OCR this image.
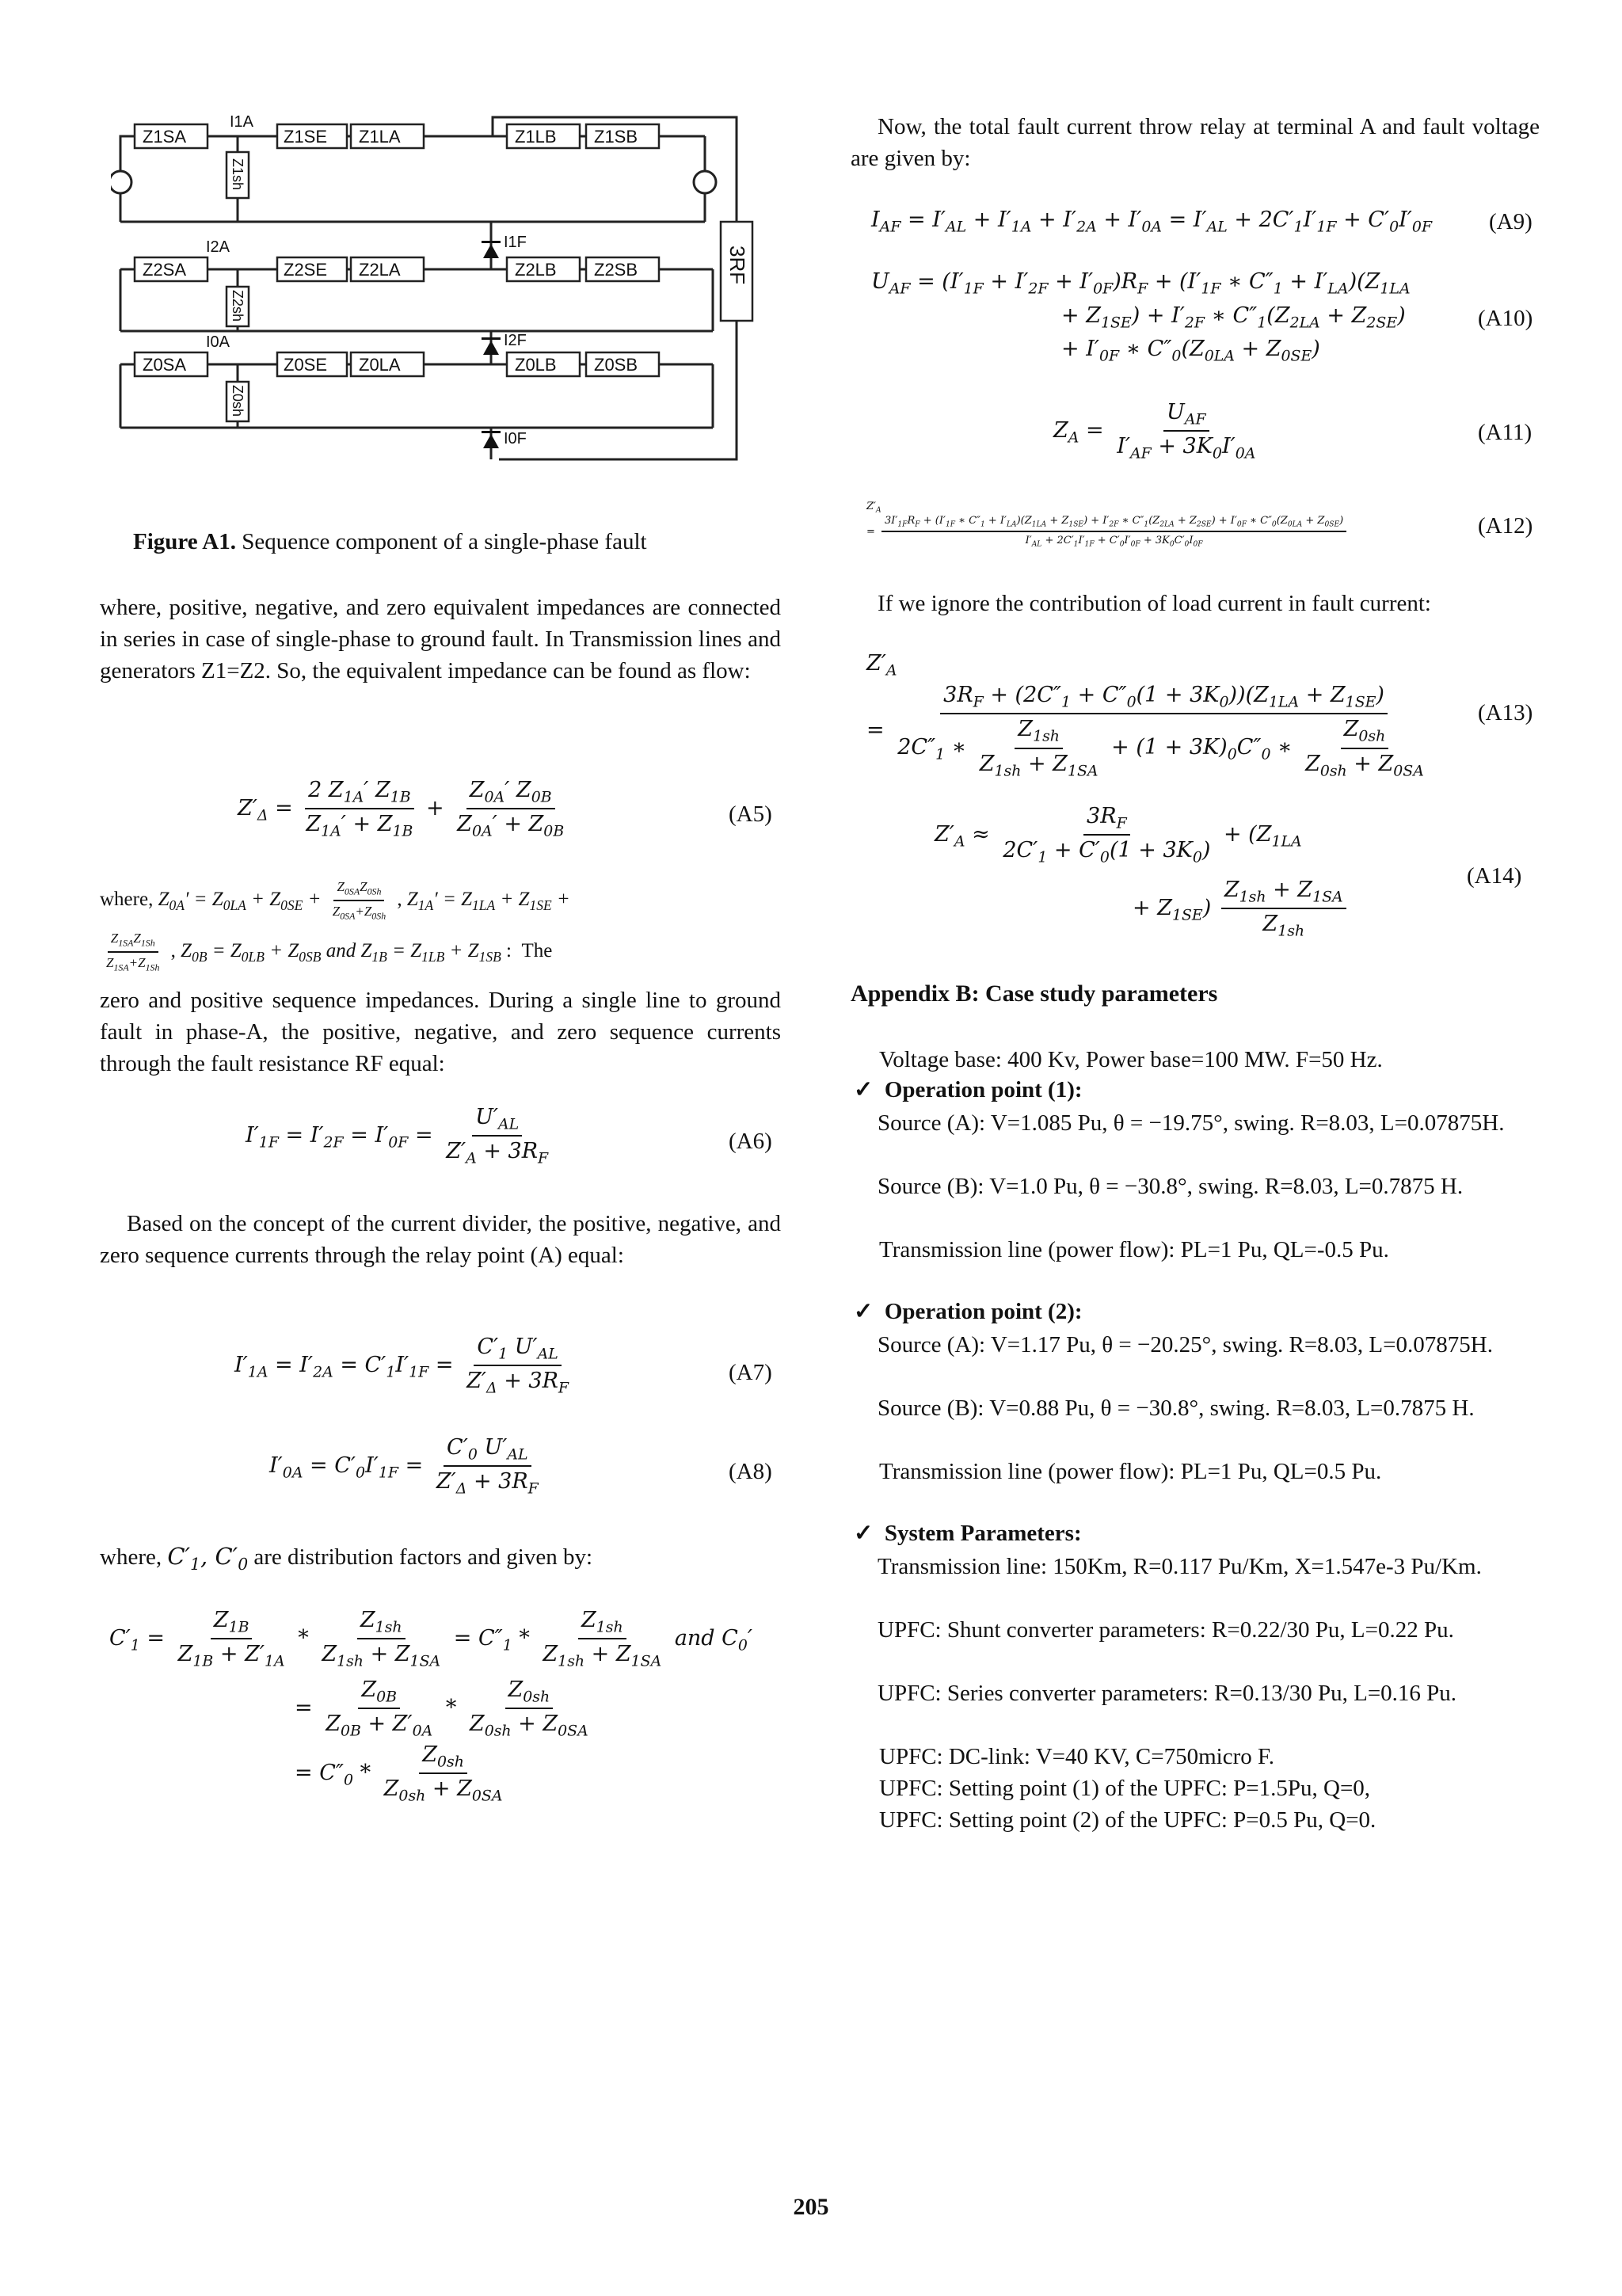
Z1SA	Z1SE Z1LA	Z1LB Z1SB
Z2SA	Z2SE Z2LA	Z2LB Z2SB
Z0SA	Z0SE Z0LA	Z0LB Z0SB
I1A
I2A
I0A
I1F
I2F
I0F
Z1sh
Z2sh
Z0sh
3RF
Figure A1. Sequence component of a single-phase fault

where, positive, negative, and zero equivalent impedances are connected in series in case of single-phase to ground fault. In Transmission lines and generators Z1=Z2. So, the equivalent impedance can be found as flow:

$Z'_\Delta = \frac{2 Z_{1A}' Z_{1B}}{Z_{1A}' + Z_{1B}} + \frac{Z_{0A}' Z_{0B}}{Z_{0A}' + Z_{0B}}$	(A5)
where, $Z_{0A}' = Z_{0LA} + Z_{0SE} + \frac{Z_{0SA}Z_{0Sh}}{Z_{0SA}+Z_{0Sh}}$ , $Z_{1A}' = Z_{1LA} + Z_{1SE}$ +
$\frac{Z_{1SA}Z_{1Sh}}{Z_{1SA}+Z_{1Sh}}$ , $Z_{0B} = Z_{0LB} + Z_{0SB}$ and $Z_{1B} = Z_{1LB} + Z_{1SB}$ :  The

zero and positive sequence impedances. During a single line to ground fault in phase-A, the positive, negative, and zero sequence currents through the fault resistance RF equal:

$I'_{1F} = I'_{2F} = I'_{0F} = \frac{U'_{AL}}{Z'_A + 3R_F}$	(A6)

Based on the concept of the current divider, the positive, negative, and zero sequence currents through the relay point (A) equal:

$I'_{1A} = I'_{2A} = C'_1I'_{1F} = \frac{C'_1 U'_{AL}}{Z'_\Delta + 3R_F}$	(A7)
$I'_{0A} = C'_0I'_{1F} = \frac{C'_0 U'_{AL}}{Z'_\Delta + 3R_F}$	(A8)
where, $C'_1$, $C'_0$ are distribution factors and given by:
$C'_1 = \frac{Z_{1B}}{Z_{1B} + Z'_{1A}} * \frac{Z_{1sh}}{Z_{1sh} + Z_{1SA}} = C''_1 * \frac{Z_{1sh}}{Z_{1sh} + Z_{1SA}}$ and $C_0'$
= $\frac{Z_{0B}}{Z_{0B} + Z'_{0A}} * \frac{Z_{0sh}}{Z_{0sh} + Z_{0SA}}$
= $C''_0 * \frac{Z_{0sh}}{Z_{0sh} + Z_{0SA}}$

Now, the total fault current throw relay at terminal A and fault voltage are given by:

$I_{AF} = I'_{AL} + I'_{1A} + I'_{2A} + I'_{0A} = I'_{AL} + 2C'_1I'_{1F} + C'_0I'_{0F}$ (A9)
$U_{AF} = (I'_{1F} + I'_{2F} + I'_{0F})R_F + (I'_{1F}$ ∗ $C''_1 + I'_{LA})(Z_{1LA}$
+ $Z_{1SE}) + I'_{2F}$ ∗ $C''_1(Z_{2LA} + Z_{2SE})$
+ $I'_{0F}$ ∗ $C''_0(Z_{0LA} + Z_{0SE})$
(A10)
$Z_A = \frac{U_{AF}}{I'_{AF} + 3K_0I'_{0A}}$	(A11)
$Z'_A$
=
$3I'_{1F}R_F + (I'_{1F}$ ∗ $C''_1 + I'_{LA})(Z_{1LA} + Z_{1SE}) + I'_{2F}$ ∗ $C''_1(Z_{2LA} + Z_{2SE}) + I'_{0F}$ ∗ $C''_0(Z_{0LA} + Z_{0SE})$
$I'_{AL} + 2C'_1I'_{1F} + C'_0I'_{0F} + 3K_0C'_0I_{0F}$
(A12)

If we ignore the contribution of load current in fault current:

$Z'_A$
= $\frac{3R_F + (2C''_1 + C''_0(1 + 3K_0))(Z_{1LA} + Z_{1SE})}{2C''_1 ∗ \frac{Z_{1sh}}{Z_{1sh} + Z_{1SA}} + (1 + 3K)_0C''_0 ∗ \frac{Z_{0sh}}{Z_{0sh} + Z_{0SA}}} (A13)$
$Z'_A \approx \frac{3R_F}{2C'_1 + C'_0(1 + 3K_0)} + (Z_{1LA}$
+ $Z_{1SE}) \frac{Z_{1sh} + Z_{1SA}}{Z_{1sh}}$
(A14)
Appendix B: Case study parameters
Voltage base: 400 Kv, Power base=100 MW. F=50 Hz.
✓ Operation point (1):

Source (A): V=1.085 Pu, θ = −19.75°, swing. R=8.03, L=0.07875H.

Source (B): V=1.0 Pu, θ = −30.8°, swing. R=8.03, L=0.7875 H.

Transmission line (power flow): PL=1 Pu, QL=-0.5 Pu.
✓ Operation point (2):

Source (A): V=1.17 Pu, θ = −20.25°, swing. R=8.03, L=0.07875H.

Source (B): V=0.88 Pu, θ = −30.8°, swing. R=8.03, L=0.7875 H.

Transmission line (power flow): PL=1 Pu, QL=0.5 Pu.
✓ System Parameters:

Transmission line: 150Km, R=0.117 Pu/Km, X=1.547e-3 Pu/Km.

UPFC: Shunt converter parameters: R=0.22/30 Pu, L=0.22 Pu.

UPFC: Series converter parameters: R=0.13/30 Pu, L=0.16 Pu.

UPFC: DC-link: V=40 KV, C=750micro F.
UPFC: Setting point (1) of the UPFC: P=1.5Pu, Q=0,
UPFC: Setting point (2) of the UPFC: P=0.5 Pu, Q=0.
205
